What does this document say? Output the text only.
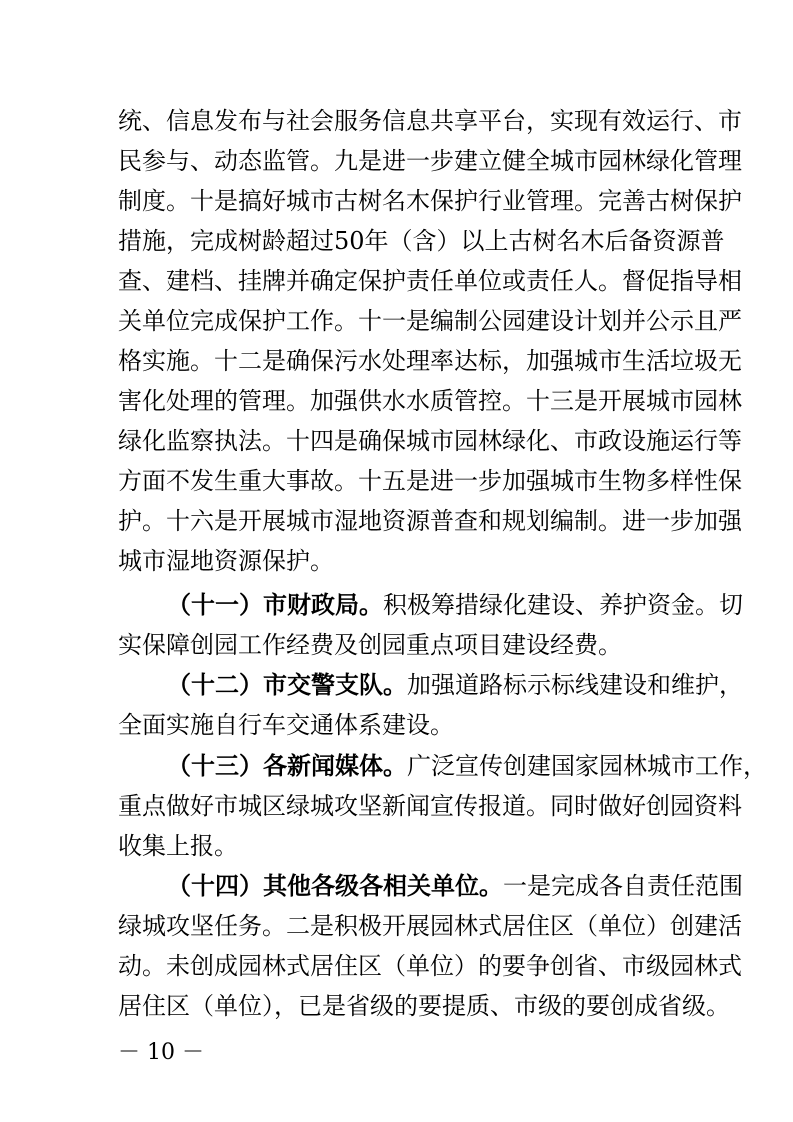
统、信息发布与社会服务信息共享平台，实现有效运行、市
民参与、动态监管。九是进一步建立健全城市园林绿化管理
制度。十是搞好城市古树名木保护行业管理。完善古树保护
措施，完成树龄超过50年（含）以上古树名木后备资源普
查、建档、挂牌并确定保护责任单位或责任人。督促指导相
关单位完成保护工作。十一是编制公园建设计划并公示且严
格实施。十二是确保污水处理率达标，加强城市生活垃圾无
害化处理的管理。加强供水水质管控。十三是开展城市园林
绿化监察执法。十四是确保城市园林绿化、市政设施运行等
方面不发生重大事故。十五是进一步加强城市生物多样性保
护。十六是开展城市湿地资源普查和规划编制。进一步加强
城市湿地资源保护。
（十一）市财政局。积极筹措绿化建设、养护资金。切
实保障创园工作经费及创园重点项目建设经费。
（十二）市交警支队。加强道路标示标线建设和维护，
全面实施自行车交通体系建设。
（十三）各新闻媒体。广泛宣传创建国家园林城市工作，
重点做好市城区绿城攻坚新闻宣传报道。同时做好创园资料
收集上报。
（十四）其他各级各相关单位。一是完成各自责任范围
绿城攻坚任务。二是积极开展园林式居住区（单位）创建活
动。未创成园林式居住区（单位）的要争创省、市级园林式
居住区（单位），已是省级的要提质、市级的要创成省级。
－ 10 －
